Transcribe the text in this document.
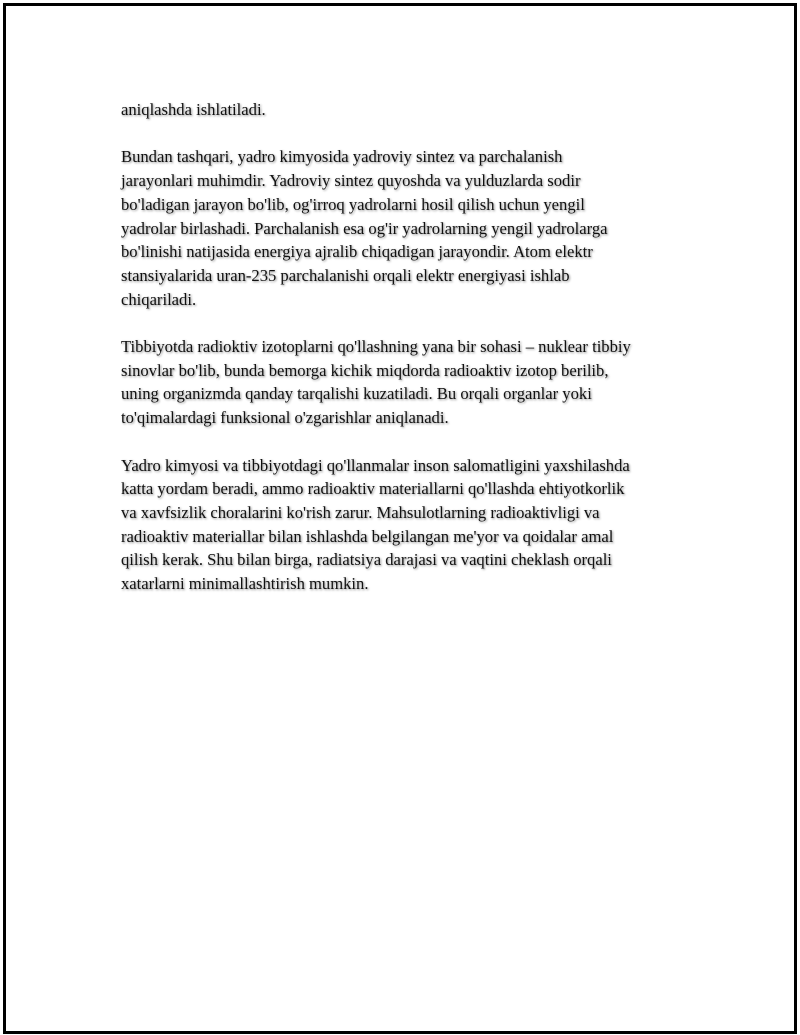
aniqlashda ishlatiladi.

Bundan tashqari, yadro kimyosida yadroviy sintez va parchalanish
jarayonlari muhimdir. Yadroviy sintez quyoshda va yulduzlarda sodir
bo'ladigan jarayon bo'lib, og'irroq yadrolarni hosil qilish uchun yengil
yadrolar birlashadi. Parchalanish esa og'ir yadrolarning yengil yadrolarga
bo'linishi natijasida energiya ajralib chiqadigan jarayondir. Atom elektr
stansiyalarida uran-235 parchalanishi orqali elektr energiyasi ishlab
chiqariladi.

Tibbiyotda radioktiv izotoplarni qo'llashning yana bir sohasi – nuklear tibbiy
sinovlar bo'lib, bunda bemorga kichik miqdorda radioaktiv izotop berilib,
uning organizmda qanday tarqalishi kuzatiladi. Bu orqali organlar yoki
to'qimalardagi funksional o'zgarishlar aniqlanadi.

Yadro kimyosi va tibbiyotdagi qo'llanmalar inson salomatligini yaxshilashda
katta yordam beradi, ammo radioaktiv materiallarni qo'llashda ehtiyotkorlik
va xavfsizlik choralarini ko'rish zarur. Mahsulotlarning radioaktivligi va
radioaktiv materiallar bilan ishlashda belgilangan me'yor va qoidalar amal
qilish kerak. Shu bilan birga, radiatsiya darajasi va vaqtini cheklash orqali
xatarlarni minimallashtirish mumkin.
